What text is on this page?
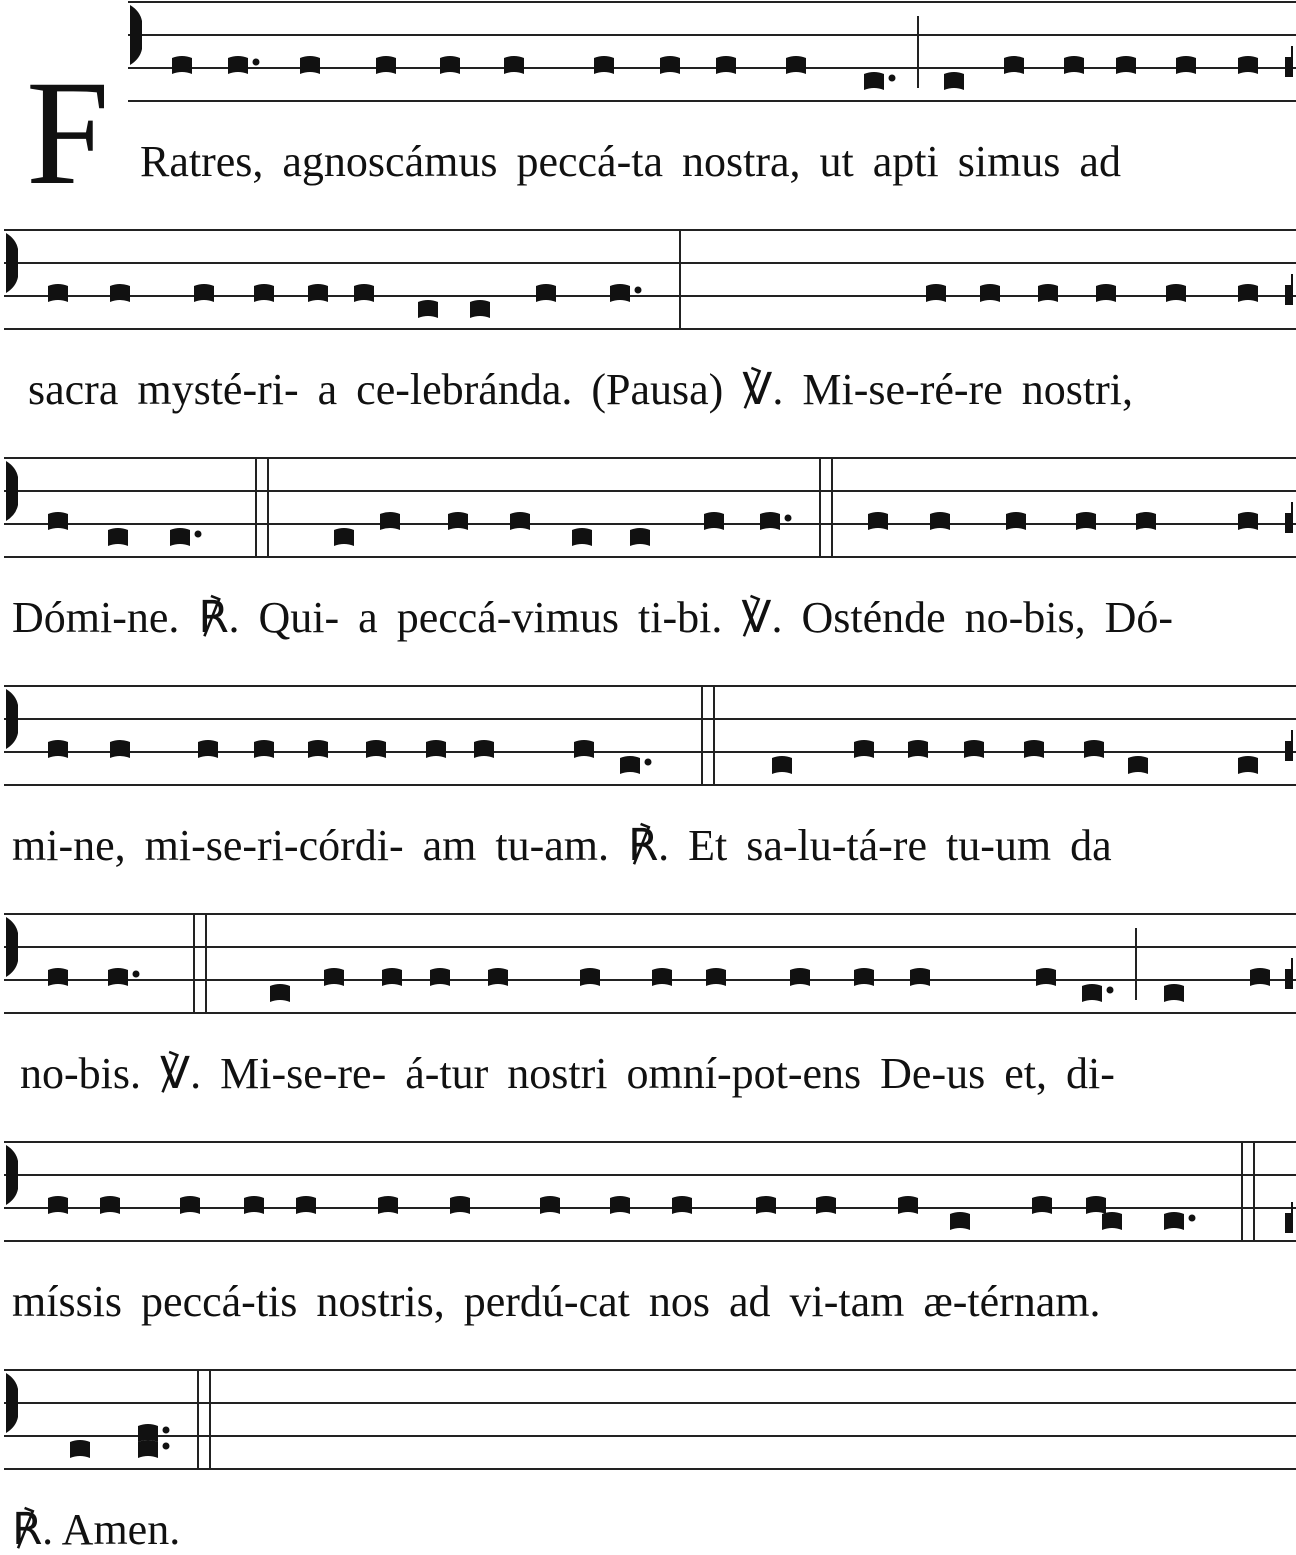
F Ratres, agnoscámus peccá-ta nostra, ut apti simus ad
sacra mysté-ri- a ce-lebránda. (Pausa) ℣. Mi-se-ré-re nostri,
Dómi-ne. ℟. Qui- a peccá-vimus ti-bi. ℣. Osténde no-bis, Dó-
mi-ne, mi-se-ri-córdi- am tu-am. ℟. Et sa-lu-tá-re tu-um da
no-bis. ℣. Mi-se-re- á-tur nostri omní-pot-ens De-us et, di-
míssis peccá-tis nostris, perdú-cat nos ad vi-tam æ-térnam.
℟. Amen.
